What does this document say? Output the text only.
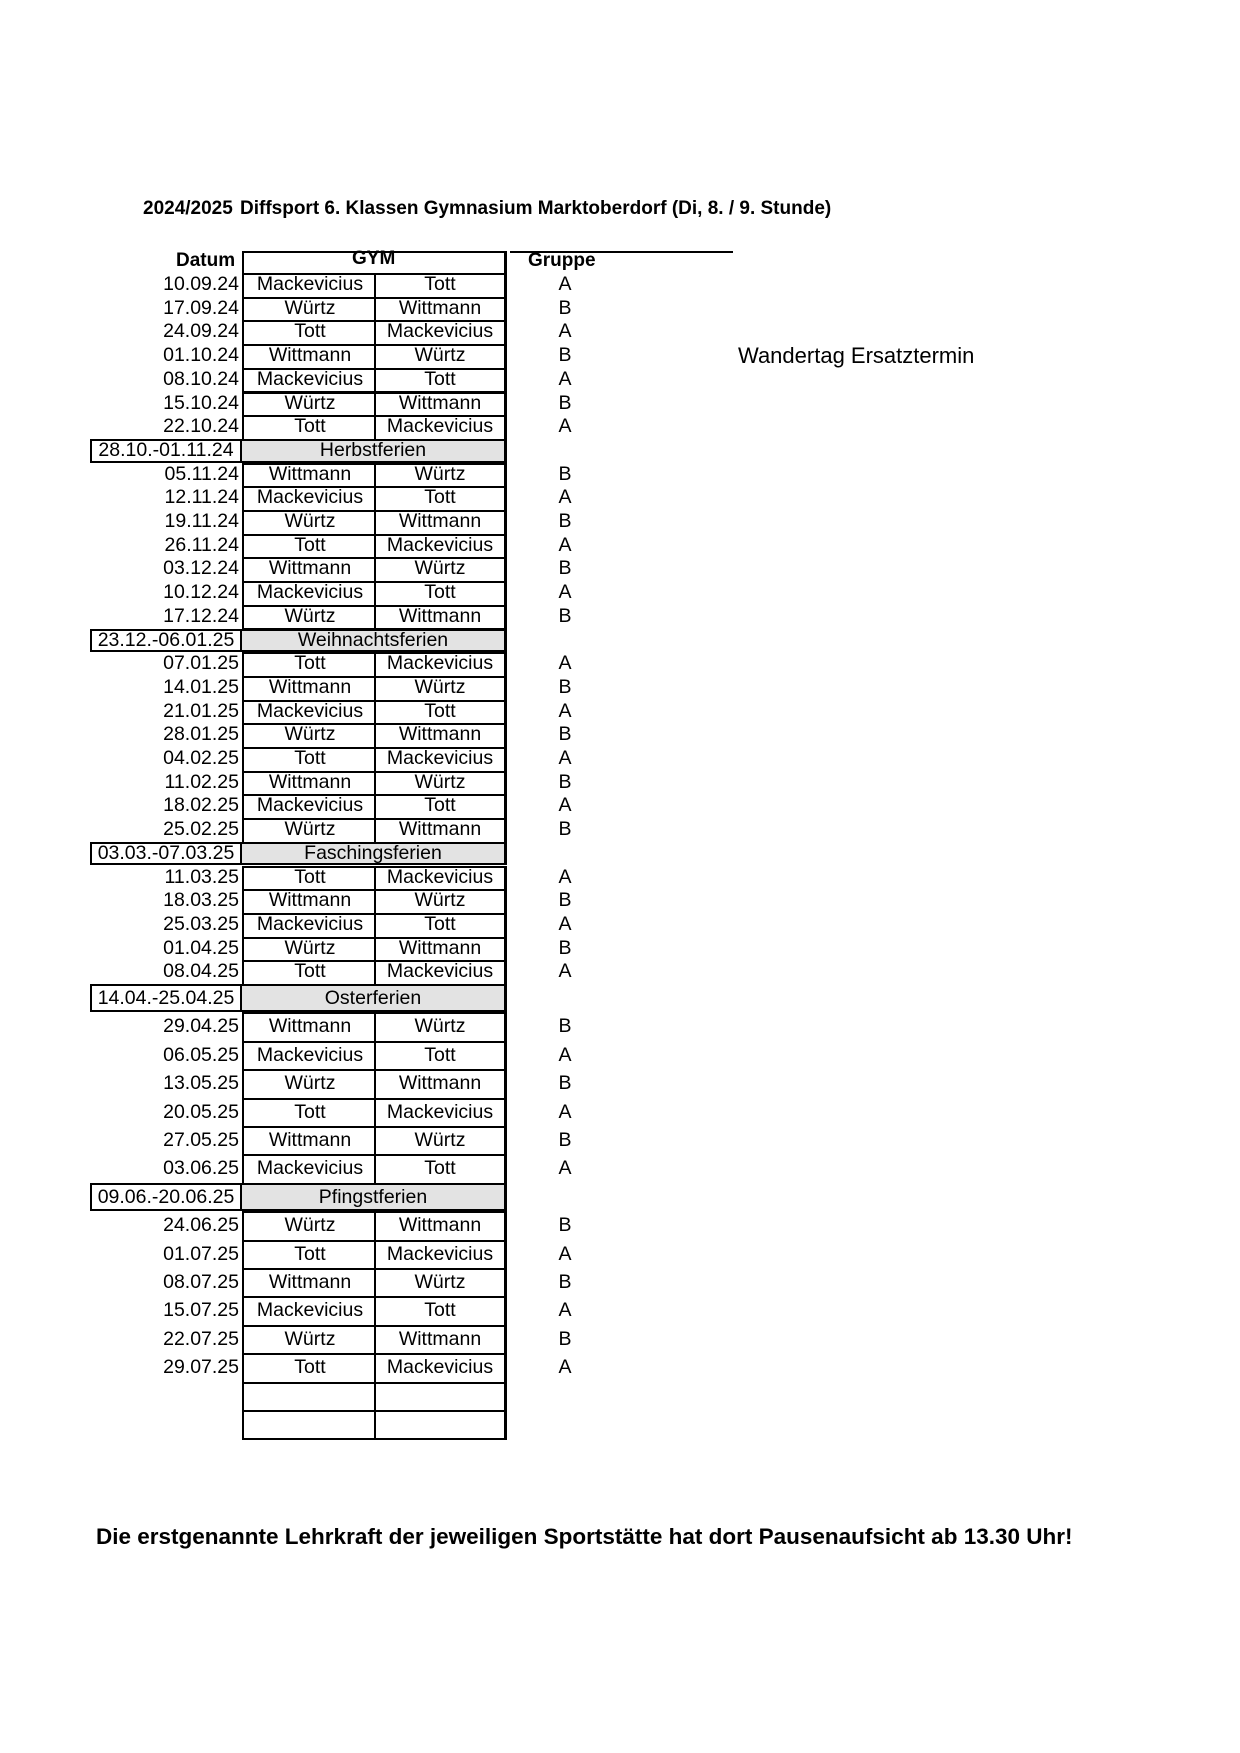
2024/2025 Diffsport 6. Klassen Gymnasium Marktoberdorf (Di, 8. / 9. Stunde)
Datum	GYM	Gruppe
Wandertag Ersatztermin
10.09.24 Mackevicius	Tott	A
17.09.24	Würtz	Wittmann	B
24.09.24	Tott	Mackevicius	A
01.10.24	Wittmann	Würtz	B
08.10.24 Mackevicius	Tott	A
15.10.24	Würtz	Wittmann	B
22.10.24	Tott	Mackevicius	A
28.10.-01.11.24	Herbstferien
05.11.24	Wittmann	Würtz	B
12.11.24 Mackevicius	Tott	A
19.11.24	Würtz	Wittmann	B
26.11.24	Tott	Mackevicius	A
03.12.24	Wittmann	Würtz	B
10.12.24 Mackevicius	Tott	A
17.12.24	Würtz	Wittmann	B
23.12.-06.01.25	Weihnachtsferien
07.01.25	Tott	Mackevicius	A
14.01.25	Wittmann	Würtz	B
21.01.25 Mackevicius	Tott	A
28.01.25	Würtz	Wittmann	B
04.02.25	Tott	Mackevicius	A
11.02.25	Wittmann	Würtz	B
18.02.25 Mackevicius	Tott	A
25.02.25	Würtz	Wittmann	B
03.03.-07.03.25	Faschingsferien
11.03.25	Tott	Mackevicius	A
18.03.25	Wittmann	Würtz	B
25.03.25 Mackevicius	Tott	A
01.04.25	Würtz	Wittmann	B
08.04.25	Tott	Mackevicius	A
14.04.-25.04.25	Osterferien
29.04.25	Wittmann	Würtz	B
06.05.25 Mackevicius	Tott	A
13.05.25	Würtz	Wittmann	B
20.05.25	Tott	Mackevicius	A
27.05.25	Wittmann	Würtz	B
03.06.25 Mackevicius	Tott	A
09.06.-20.06.25	Pfingstferien
24.06.25	Würtz	Wittmann	B
01.07.25	Tott	Mackevicius	A
08.07.25	Wittmann	Würtz	B
15.07.25 Mackevicius	Tott	A
22.07.25	Würtz	Wittmann	B
29.07.25	Tott	Mackevicius	A
Die erstgenannte Lehrkraft der jeweiligen Sportstätte hat dort Pausenaufsicht ab 13.30 Uhr!
